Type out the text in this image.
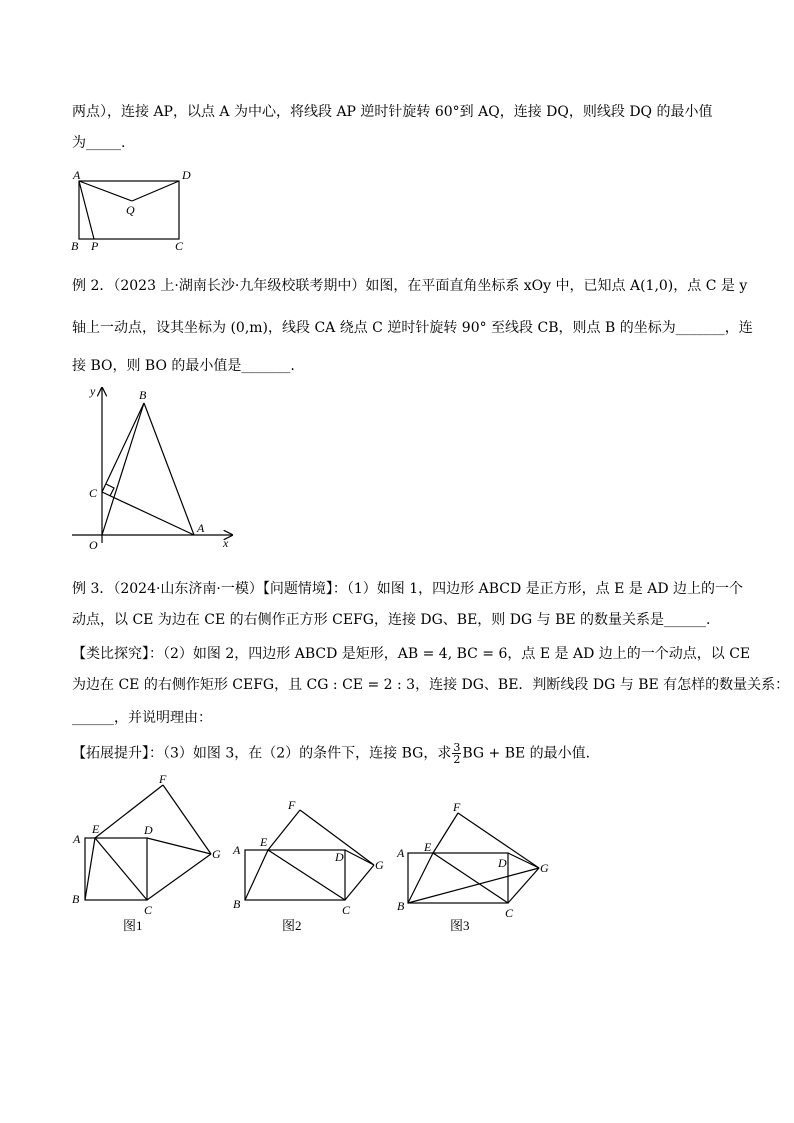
两点），连接 AP，以点 A 为中心，将线段 AP 逆时针旋转 60°到 AQ，连接 DQ，则线段 DQ 的最小值
为_____.
A	D
Q
B P	C
例 2．（2023 上·湖南长沙·九年级校联考期中）如图，在平面直角坐标系 xOy 中，已知点 A(1,0)，点 C 是 y
轴上一动点，设其坐标为 (0,m)，线段 CA 绕点 C 逆时针旋转 90° 至线段 CB，则点 B 的坐标为_______，连
接 BO，则 BO 的最小值是_______.
y	B
C
A
O	x
例 3．（2024·山东济南·一模）【问题情境】：（1）如图 1，四边形 ABCD 是正方形，点 E 是 AD 边上的一个
动点，以 CE 为边在 CE 的右侧作正方形 CEFG，连接 DG、BE，则 DG 与 BE 的数量关系是______.
【类比探究】：（2）如图 2，四边形 ABCD 是矩形，AB = 4, BC = 6，点 E 是 AD 边上的一个动点，以 CE
为边在 CE 的右侧作矩形 CEFG，且 CG : CE = 2 : 3，连接 DG、BE．判断线段 DG 与 BE 有怎样的数量关系：
______，并说明理由：
【拓展提升】：（3）如图 3，在（2）的条件下，连接 BG，求 $\frac{3}{2}$ BG + BE 的最小值.
A
E	D
F
G
B
C
图1
A
E
D
F
G
B	C
图2
A E
D
F
G
B	C
图3
